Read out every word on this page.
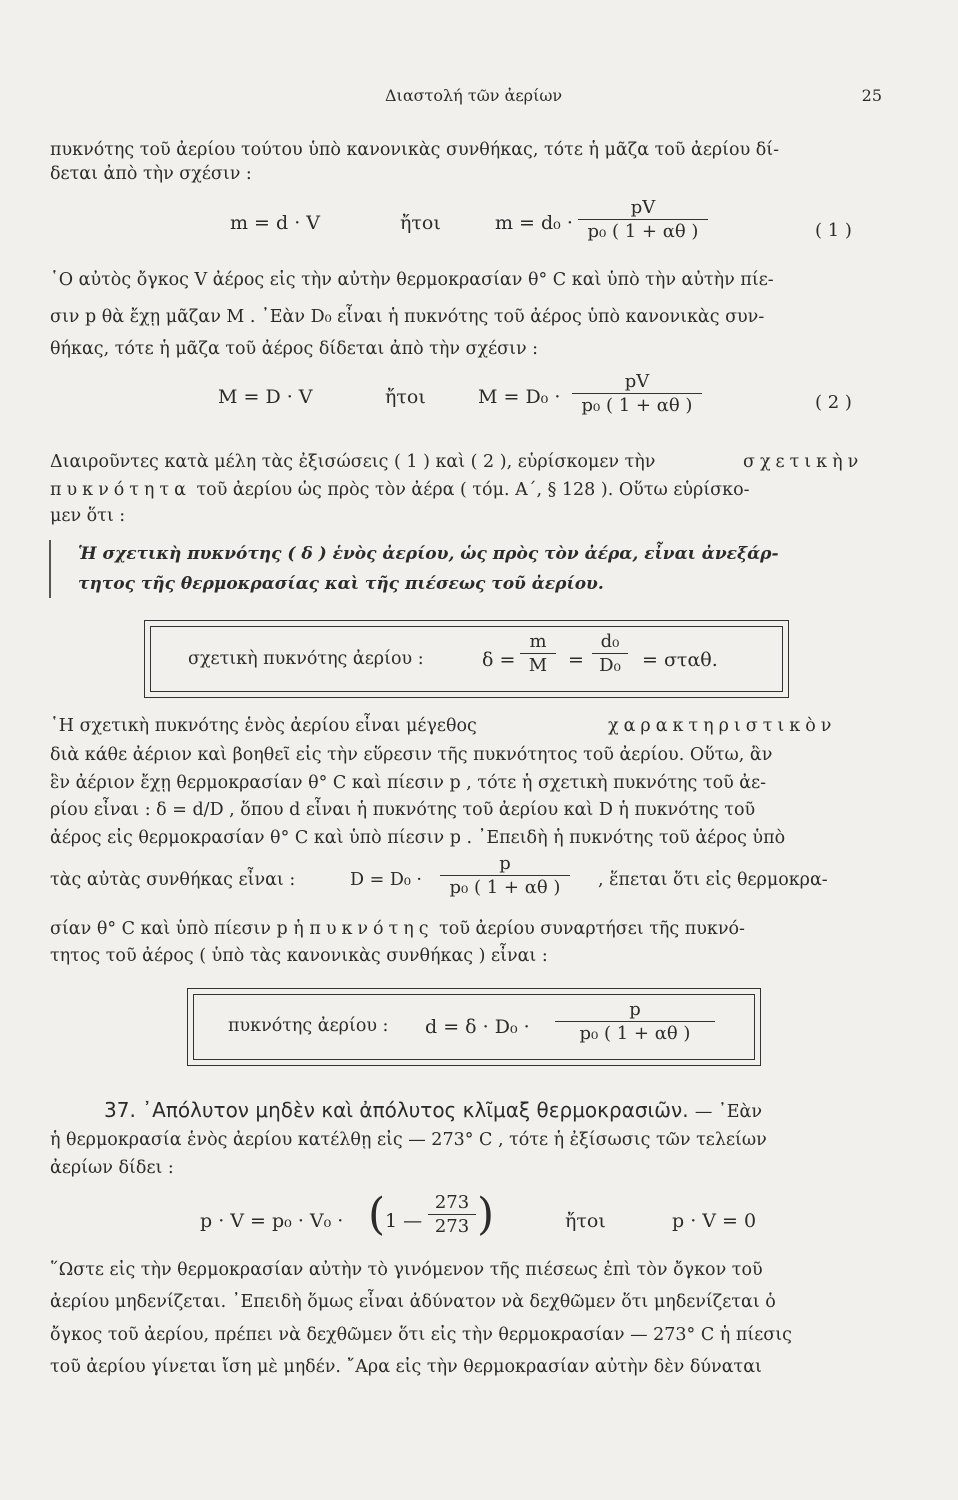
Διαστολή τῶν ἀερίων	25
πυκνότης τοῦ ἀερίου τούτου ὑπὸ κανονικὰς συνθήκας, τότε ἡ μᾶζα τοῦ ἀερίου δί-
δεται ἀπὸ τὴν σχέσιν :
m = d · V	ἤτοι	m = d₀ ·
pV
p₀ ( 1 + αθ )	( 1 )
῾Ο αὐτὸς ὄγκος V ἀέρος εἰς τὴν αὐτὴν θερμοκρασίαν θ° C καὶ ὑπὸ τὴν αὐτὴν πίε-
σιν p θὰ ἔχῃ μᾶζαν M . ᾿Εὰν D₀ εἶναι ἡ πυκνότης τοῦ ἀέρος ὑπὸ κανονικὰς συν-
θήκας, τότε ἡ μᾶζα τοῦ ἀέρος δίδεται ἀπὸ τὴν σχέσιν :
M = D · V	ἤτοι	M = D₀ ·
pV
p₀ ( 1 + αθ )	( 2 )
Διαιροῦντες κατὰ μέλη τὰς ἐξισώσεις ( 1 ) καὶ ( 2 ), εὑρίσκομεν τὴν	σχετικὴν
πυκνότητα τοῦ ἀερίου ὡς πρὸς τὸν ἀέρα ( τόμ. Α΄, § 128 ). Οὕτω εὑρίσκο-
μεν ὅτι :
Ἡ σχετικὴ πυκνότης ( δ ) ἑνὸς ἀερίου, ὡς πρὸς τὸν ἀέρα, εἶναι ἀνεξάρ-
τητος τῆς θερμοκρασίας καὶ τῆς πιέσεως τοῦ ἀερίου.
σχετικὴ πυκνότης ἀερίου :	δ =
m
M	=
d₀
D₀	= σταθ.
῾Η σχετικὴ πυκνότης ἑνὸς ἀερίου εἶναι μέγεθος	χαρακτηριστικὸν
διὰ κάθε ἀέριον καὶ βοηθεῖ εἰς τὴν εὕρεσιν τῆς πυκνότητος τοῦ ἀερίου. Οὕτω, ἂν
ἓν ἀέριον ἔχῃ θερμοκρασίαν θ° C καὶ πίεσιν p , τότε ἡ σχετικὴ πυκνότης τοῦ ἀε-
ρίου εἶναι : δ = d/D , ὅπου d εἶναι ἡ πυκνότης τοῦ ἀερίου καὶ D ἡ πυκνότης τοῦ
ἀέρος εἰς θερμοκρασίαν θ° C καὶ ὑπὸ πίεσιν p . ᾿Επειδὴ ἡ πυκνότης τοῦ ἀέρος ὑπὸ
τὰς αὐτὰς συνθήκας εἶναι :	D = D₀ ·
p
p₀ ( 1 + αθ )	, ἕπεται ὅτι εἰς θερμοκρα-
σίαν θ° C καὶ ὑπὸ πίεσιν p ἡ πυκνότης τοῦ ἀερίου συναρτήσει τῆς πυκνό-
τητος τοῦ ἀέρος ( ὑπὸ τὰς κανονικὰς συνθήκας ) εἶναι :
πυκνότης ἀερίου : d = δ · D₀ ·
p
p₀ ( 1 + αθ )
37. ᾿Απόλυτον μηδὲν καὶ ἀπόλυτος κλῖμαξ θερμοκρασιῶν. — ᾿Εὰν
ἡ θερμοκρασία ἑνὸς ἀερίου κατέλθῃ εἰς — 273° C , τότε ἡ ἐξίσωσις τῶν τελείων
ἀερίων δίδει :
p · V = p₀ · V₀ · ( 1 —
273
273 )	ἤτοι	p · V = 0
῞Ωστε εἰς τὴν θερμοκρασίαν αὐτὴν τὸ γινόμενον τῆς πιέσεως ἐπὶ τὸν ὄγκον τοῦ
ἀερίου μηδενίζεται. ᾿Επειδὴ ὅμως εἶναι ἀδύνατον νὰ δεχθῶμεν ὅτι μηδενίζεται ὁ
ὄγκος τοῦ ἀερίου, πρέπει νὰ δεχθῶμεν ὅτι εἰς τὴν θερμοκρασίαν — 273° C ἡ πίεσις
τοῦ ἀερίου γίνεται ἴση μὲ μηδέν. ῎Αρα εἰς τὴν θερμοκρασίαν αὐτὴν δὲν δύναται
